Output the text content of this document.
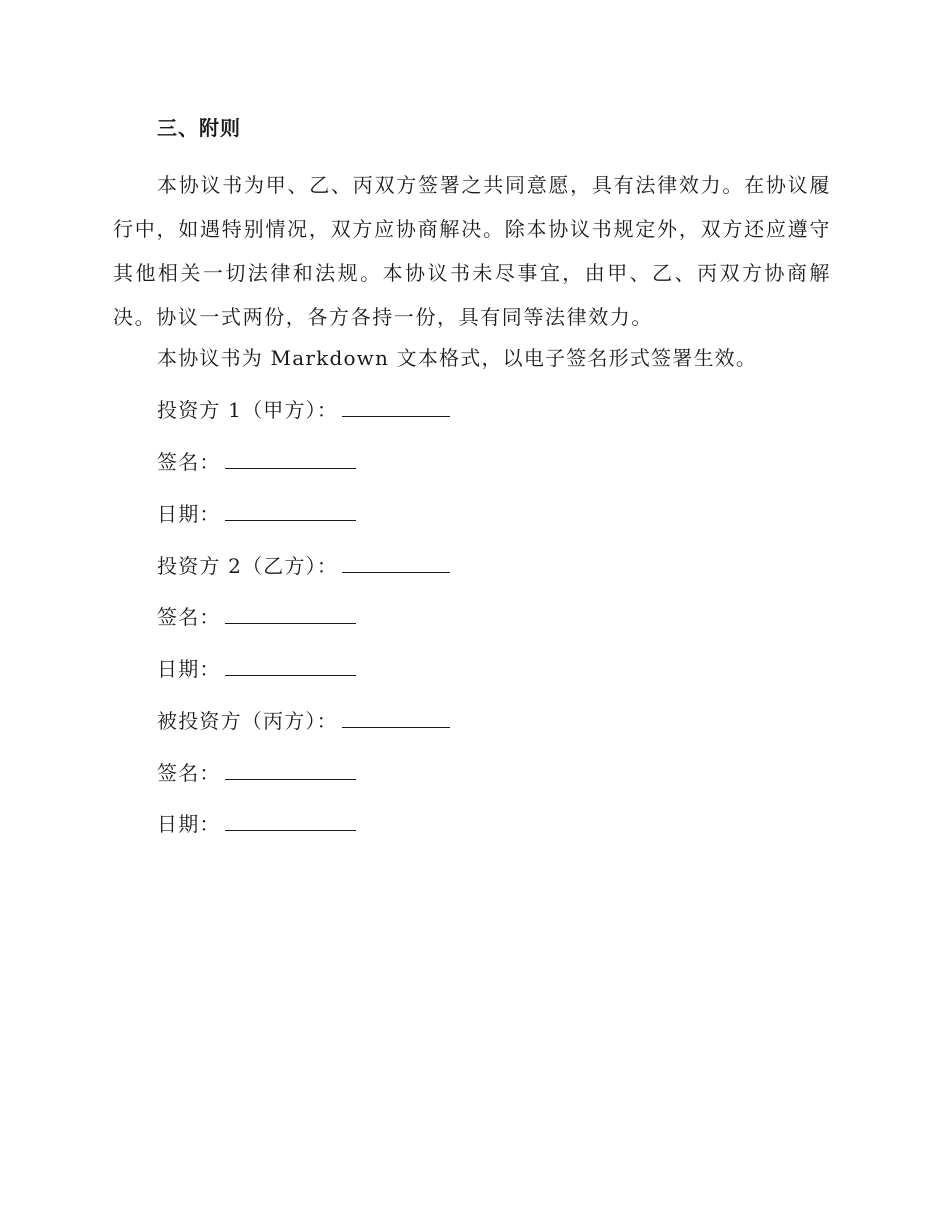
三、附则

本协议书为甲、乙、丙双方签署之共同意愿，具有法律效力。在协议履行中，如遇特别情况，双方应协商解决。除本协议书规定外，双方还应遵守其他相关一切法律和法规。本协议书未尽事宜，由甲、乙、丙双方协商解决。协议一式两份，各方各持一份，具有同等法律效力。

本协议书为 Markdown 文本格式，以电子签名形式签署生效。
投资方 1（甲方）：
签名：
日期：
投资方 2（乙方）：
签名：
日期：
被投资方（丙方）：
签名：
日期：
